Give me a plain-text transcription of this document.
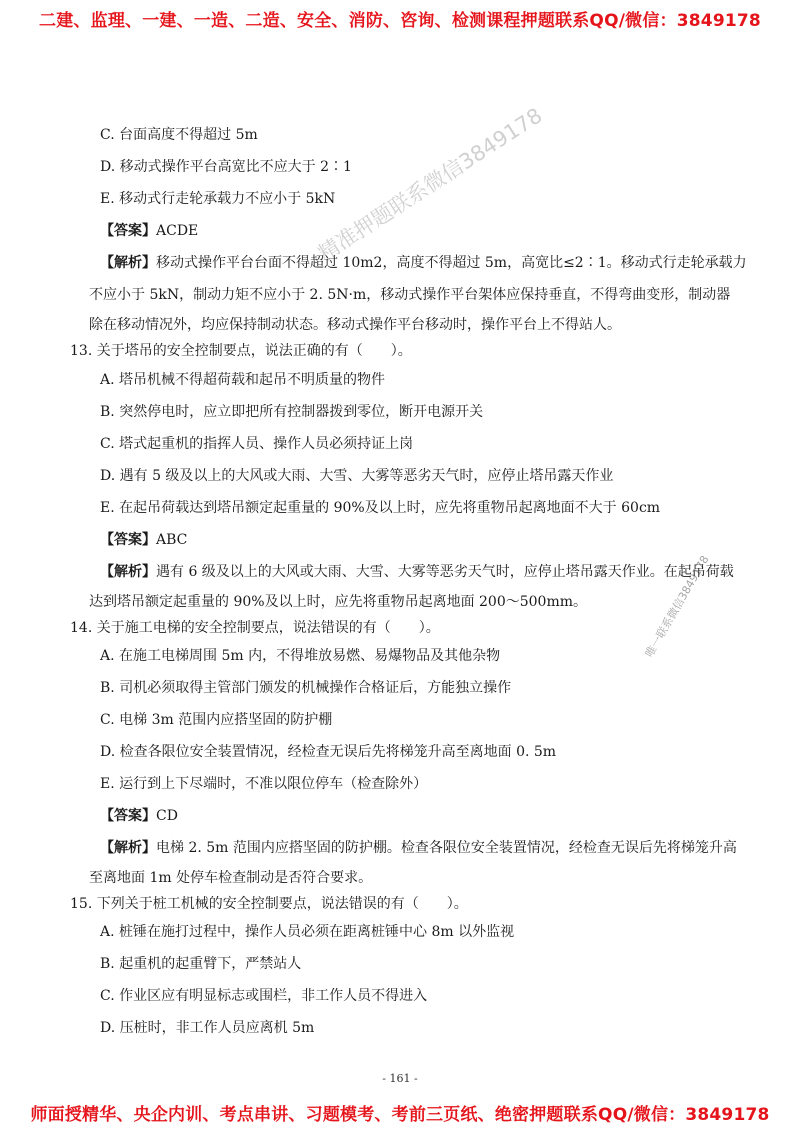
二建、监理、一建、一造、二造、安全、消防、咨询、检测课程押题联系QQ/微信：3849178
精准押题联系微信3849178
唯一联系微信3849178
C. 台面高度不得超过 5m
D. 移动式操作平台高宽比不应大于 2∶1
E. 移动式行走轮承载力不应小于 5kN
【答案】ACDE
【解析】移动式操作平台台面不得超过 10m2，高度不得超过 5m，高宽比≤2∶1。移动式行走轮承载力
不应小于 5kN，制动力矩不应小于 2. 5N·m，移动式操作平台架体应保持垂直，不得弯曲变形，制动器
除在移动情况外，均应保持制动状态。移动式操作平台移动时，操作平台上不得站人。
13. 关于塔吊的安全控制要点，说法正确的有（　　）。
A. 塔吊机械不得超荷载和起吊不明质量的物件
B. 突然停电时，应立即把所有控制器拨到零位，断开电源开关
C. 塔式起重机的指挥人员、操作人员必须持证上岗
D. 遇有 5 级及以上的大风或大雨、大雪、大雾等恶劣天气时，应停止塔吊露天作业
E. 在起吊荷载达到塔吊额定起重量的 90%及以上时，应先将重物吊起离地面不大于 60cm
【答案】ABC
【解析】遇有 6 级及以上的大风或大雨、大雪、大雾等恶劣天气时，应停止塔吊露天作业。在起吊荷载
达到塔吊额定起重量的 90%及以上时，应先将重物吊起离地面 200～500mm。
14. 关于施工电梯的安全控制要点，说法错误的有（　　）。
A. 在施工电梯周围 5m 内，不得堆放易燃、易爆物品及其他杂物
B. 司机必须取得主管部门颁发的机械操作合格证后，方能独立操作
C. 电梯 3m 范围内应搭坚固的防护棚
D. 检查各限位安全装置情况，经检查无误后先将梯笼升高至离地面 0. 5m
E. 运行到上下尽端时，不准以限位停车（检查除外）
【答案】CD
【解析】电梯 2. 5m 范围内应搭坚固的防护棚。检查各限位安全装置情况，经检查无误后先将梯笼升高
至离地面 1m 处停车检查制动是否符合要求。
15. 下列关于桩工机械的安全控制要点，说法错误的有（　　）。
A. 桩锤在施打过程中，操作人员必须在距离桩锤中心 8m 以外监视
B. 起重机的起重臂下，严禁站人
C. 作业区应有明显标志或围栏，非工作人员不得进入
D. 压桩时，非工作人员应离机 5m
- 161 -
师面授精华、央企内训、考点串讲、习题模考、考前三页纸、绝密押题联系QQ/微信：3849178
